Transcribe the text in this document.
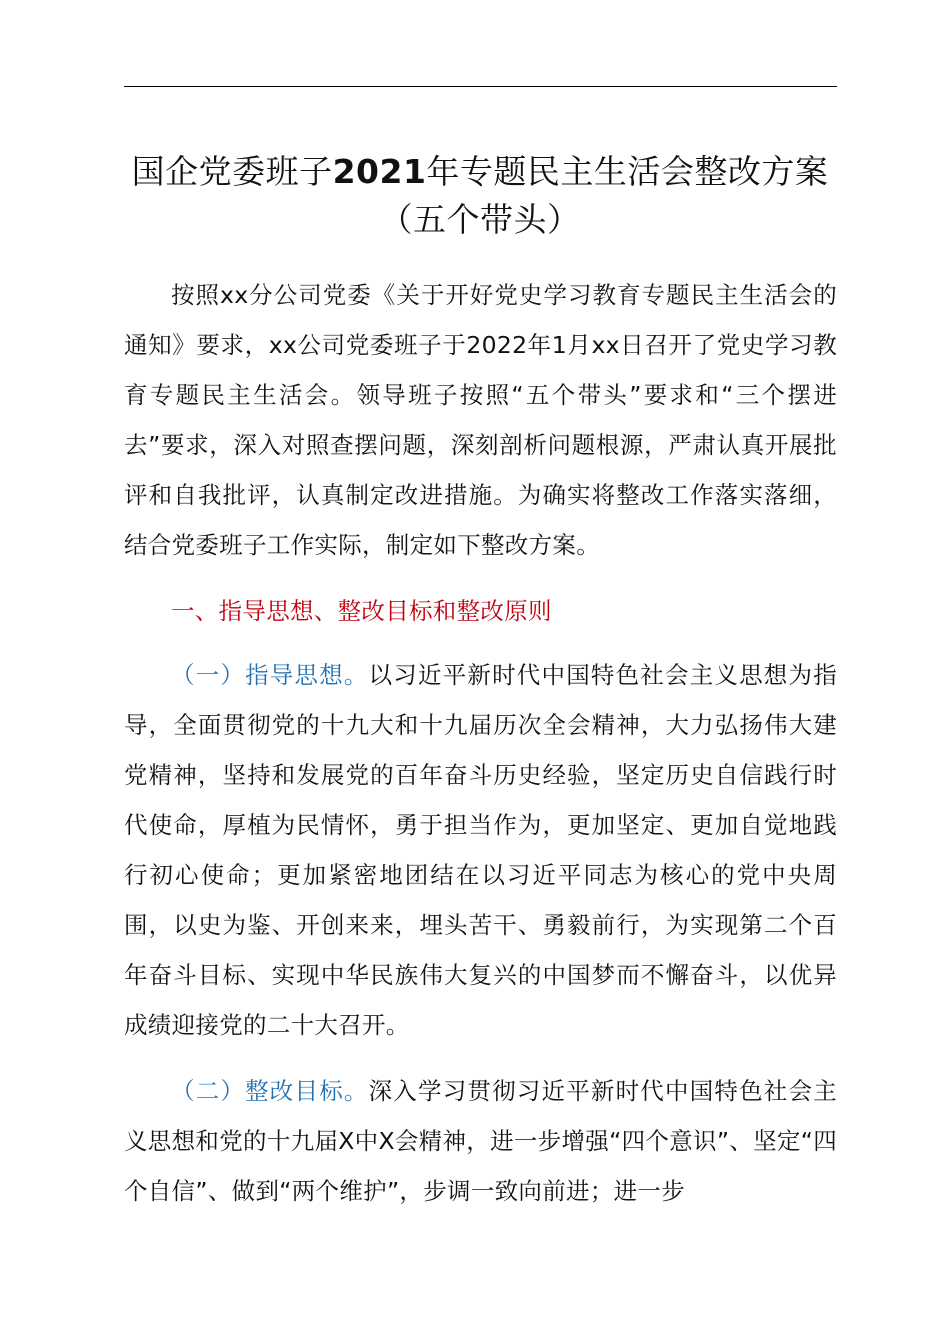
国企党委班子2021年专题民主生活会整改方案（五个带头）

按照xx分公司党委《关于开好党史学习教育专题民主生活会的通知》要求，xx公司党委班子于2022年1月xx日召开了党史学习教育专题民主生活会。领导班子按照“五个带头”要求和“三个摆进去”要求，深入对照查摆问题，深刻剖析问题根源，严肃认真开展批评和自我批评，认真制定改进措施。为确实将整改工作落实落细，结合党委班子工作实际，制定如下整改方案。

一、指导思想、整改目标和整改原则

（一）指导思想。以习近平新时代中国特色社会主义思想为指导，全面贯彻党的十九大和十九届历次全会精神，大力弘扬伟大建党精神，坚持和发展党的百年奋斗历史经验，坚定历史自信践行时代使命，厚植为民情怀，勇于担当作为，更加坚定、更加自觉地践行初心使命；更加紧密地团结在以习近平同志为核心的党中央周围，以史为鉴、开创来来，埋头苦干、勇毅前行，为实现第二个百年奋斗目标、实现中华民族伟大复兴的中国梦而不懈奋斗，以优异成绩迎接党的二十大召开。

（二）整改目标。深入学习贯彻习近平新时代中国特色社会主义思想和党的十九届X中X会精神，进一步增强“四个意识”、坚定“四个自信”、做到“两个维护”，步调一致向前进；进一步
